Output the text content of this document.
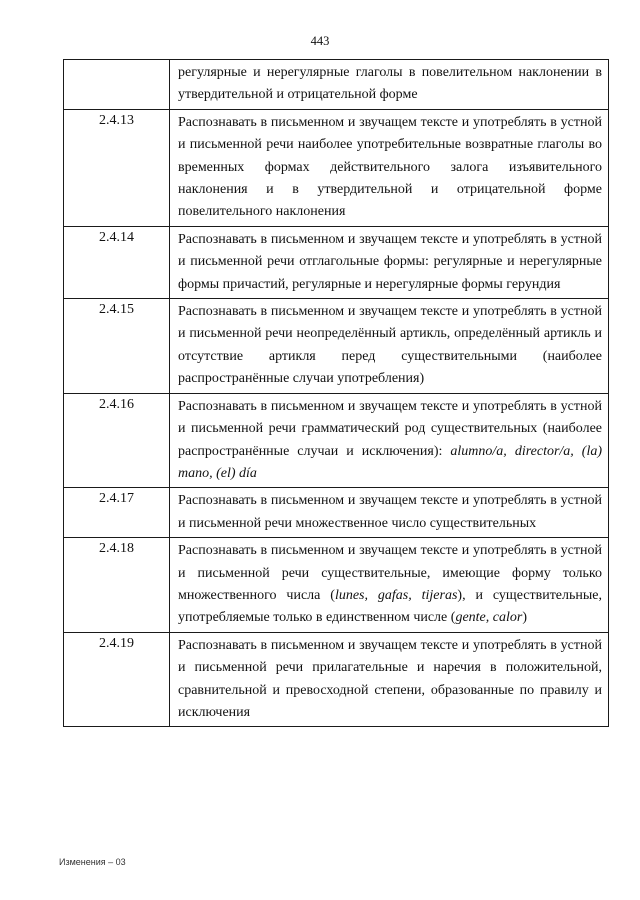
443
	регулярные и нерегулярные глаголы в повелительном наклонении в утвердительной и отрицательной форме
2.4.13	Распознавать в письменном и звучащем тексте и употреблять в устной и письменной речи наиболее употребительные возвратные глаголы во временных формах действительного залога изъявительного наклонения и в утвердительной и отрицательной форме повелительного наклонения
2.4.14	Распознавать в письменном и звучащем тексте и употреблять в устной и письменной речи отглагольные формы: регулярные и нерегулярные формы причастий, регулярные и нерегулярные формы герундия
2.4.15	Распознавать в письменном и звучащем тексте и употреблять в устной и письменной речи неопределённый артикль, определённый артикль и отсутствие артикля перед существительными (наиболее распространённые случаи употребления)
2.4.16	Распознавать в письменном и звучащем тексте и употреблять в устной и письменной речи грамматический род существительных (наиболее распространённые случаи и исключения): alumno/a, director/a, (la) mano, (el) día
2.4.17	Распознавать в письменном и звучащем тексте и употреблять в устной и письменной речи множественное число существительных
2.4.18	Распознавать в письменном и звучащем тексте и употреблять в устной и письменной речи существительные, имеющие форму только множественного числа (lunes, gafas, tijeras), и существительные, употребляемые только в единственном числе (gente, calor)
2.4.19	Распознавать в письменном и звучащем тексте и употреблять в устной и письменной речи прилагательные и наречия в положительной, сравнительной и превосходной степени, образованные по правилу и исключения
Изменения – 03
